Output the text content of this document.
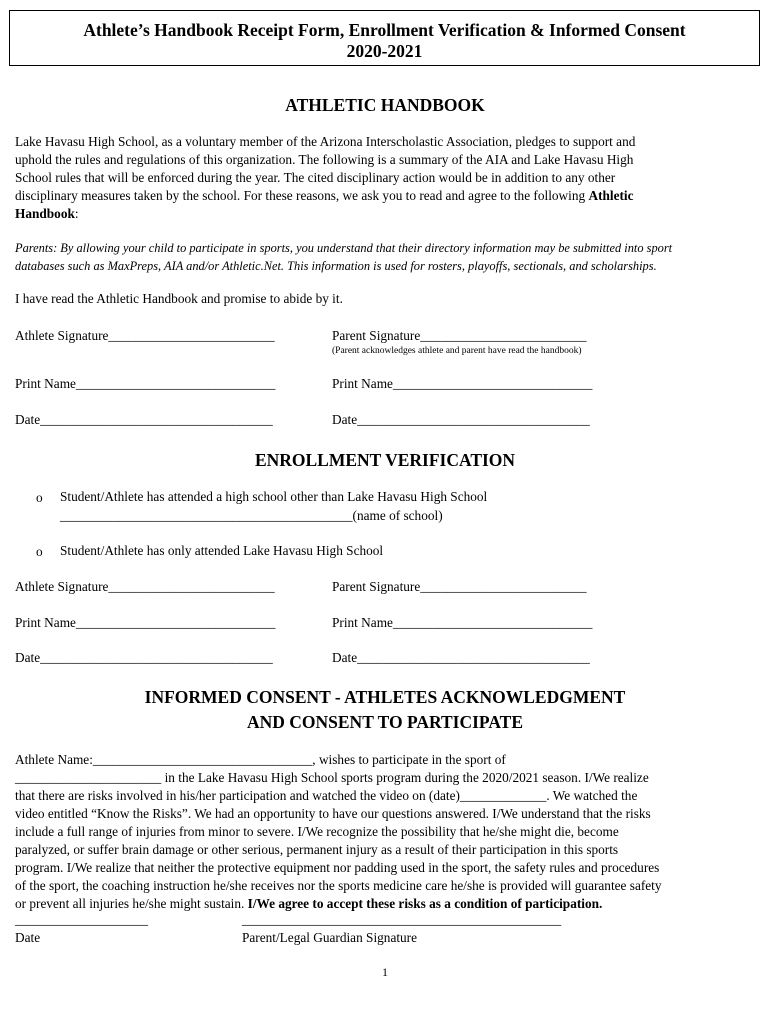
Athlete’s Handbook Receipt Form, Enrollment Verification & Informed Consent
2020-2021
ATHLETIC HANDBOOK
Lake Havasu High School, as a voluntary member of the Arizona Interscholastic Association, pledges to support and
uphold the rules and regulations of this organization. The following is a summary of the AIA and Lake Havasu High
School rules that will be enforced during the year. The cited disciplinary action would be in addition to any other
disciplinary measures taken by the school. For these reasons, we ask you to read and agree to the following Athletic
Handbook:
Parents: By allowing your child to participate in sports, you understand that their directory information may be submitted into sport
databases such as MaxPreps, AIA and/or Athletic.Net. This information is used for rosters, playoffs, sectionals, and scholarships.
I have read the Athletic Handbook and promise to abide by it.
Athlete Signature_________________________	Parent Signature_________________________
(Parent acknowledges athlete and parent have read the handbook)
Print Name______________________________	Print Name______________________________
Date___________________________________	Date___________________________________
ENROLLMENT VERIFICATION
o Student/Athlete has attended a high school other than Lake Havasu High School
____________________________________________(name of school)
o Student/Athlete has only attended Lake Havasu High School
Athlete Signature_________________________	Parent Signature_________________________
Print Name______________________________	Print Name______________________________
Date___________________________________	Date___________________________________
INFORMED CONSENT - ATHLETES ACKNOWLEDGMENT
AND CONSENT TO PARTICIPATE
Athlete Name:_________________________________, wishes to participate in the sport of
______________________ in the Lake Havasu High School sports program during the 2020/2021 season. I/We realize
that there are risks involved in his/her participation and watched the video on (date)_____________. We watched the
video entitled “Know the Risks”. We had an opportunity to have our questions answered. I/We understand that the risks
include a full range of injuries from minor to severe. I/We recognize the possibility that he/she might die, become
paralyzed, or suffer brain damage or other serious, permanent injury as a result of their participation in this sports
program. I/We realize that neither the protective equipment nor padding used in the sport, the safety rules and procedures
of the sport, the coaching instruction he/she receives nor the sports medicine care he/she is provided will guarantee safety
or prevent all injuries he/she might sustain. I/We agree to accept these risks as a condition of participation.
____________________	________________________________________________
Date	Parent/Legal Guardian Signature
1
